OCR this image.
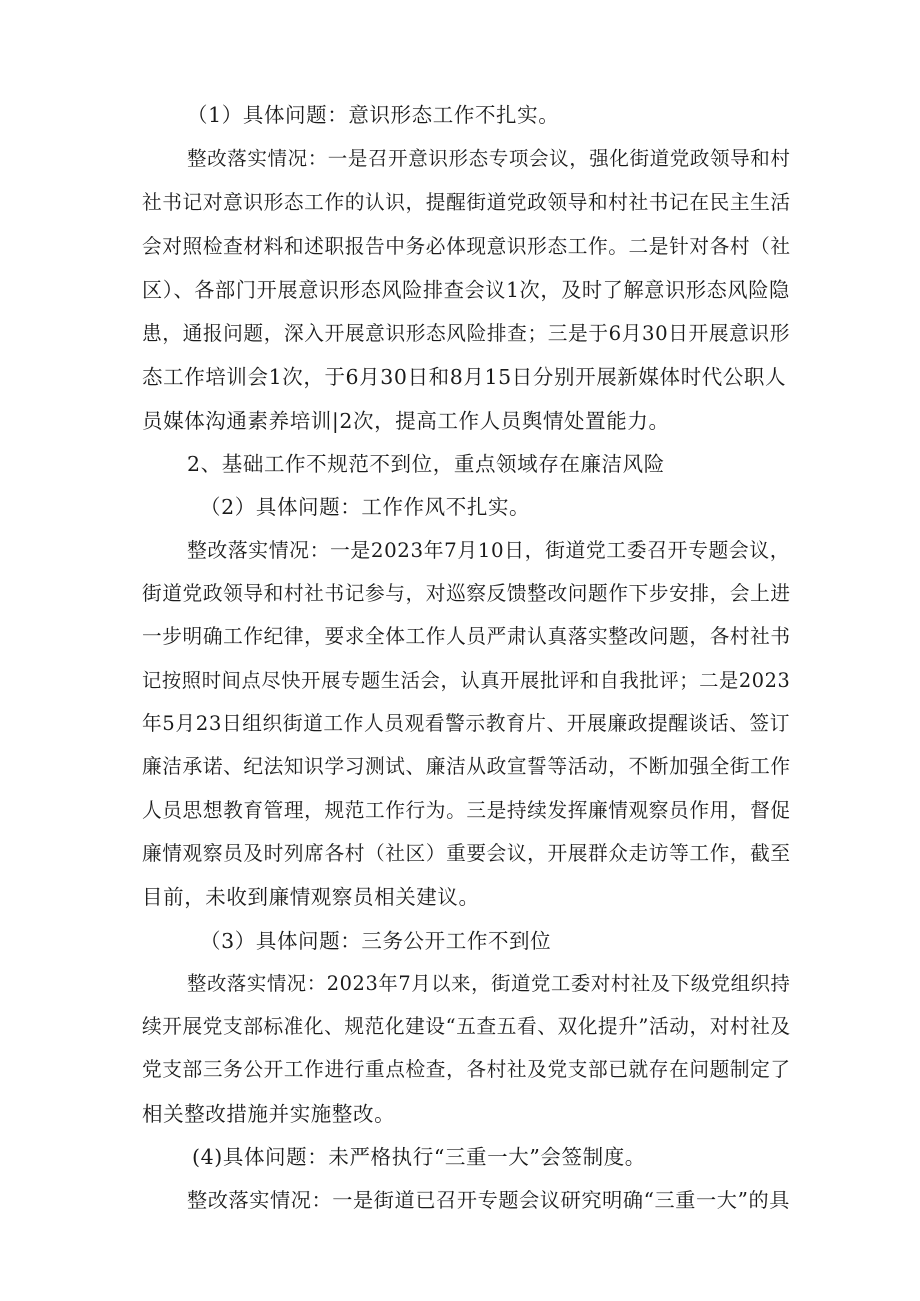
（1）具体问题：意识形态工作不扎实。
整改落实情况：一是召开意识形态专项会议，强化街道党政领导和村
社书记对意识形态工作的认识，提醒街道党政领导和村社书记在民主生活
会对照检查材料和述职报告中务必体现意识形态工作。二是针对各村（社
区）、各部门开展意识形态风险排查会议1次，及时了解意识形态风险隐
患，通报问题，深入开展意识形态风险排查；三是于6月30日开展意识形
态工作培训会1次，于6月30日和8月15日分别开展新媒体时代公职人
员媒体沟通素养培训|2次，提高工作人员舆情处置能力。
2、基础工作不规范不到位，重点领域存在廉洁风险
（2）具体问题：工作作风不扎实。
整改落实情况：一是2023年7月10日，街道党工委召开专题会议，
街道党政领导和村社书记参与，对巡察反馈整改问题作下步安排，会上进
一步明确工作纪律，要求全体工作人员严肃认真落实整改问题，各村社书
记按照时间点尽快开展专题生活会，认真开展批评和自我批评；二是2023
年5月23日组织街道工作人员观看警示教育片、开展廉政提醒谈话、签订
廉洁承诺、纪法知识学习测试、廉洁从政宣誓等活动，不断加强全街工作
人员思想教育管理，规范工作行为。三是持续发挥廉情观察员作用，督促
廉情观察员及时列席各村（社区）重要会议，开展群众走访等工作，截至
目前，未收到廉情观察员相关建议。
（3）具体问题：三务公开工作不到位
整改落实情况：2023年7月以来，街道党工委对村社及下级党组织持
续开展党支部标准化、规范化建设“五查五看、双化提升”活动，对村社及
党支部三务公开工作进行重点检查，各村社及党支部已就存在问题制定了
相关整改措施并实施整改。
(4)具体问题：未严格执行“三重一大”会签制度。
整改落实情况：一是街道已召开专题会议研究明确“三重一大”的具
